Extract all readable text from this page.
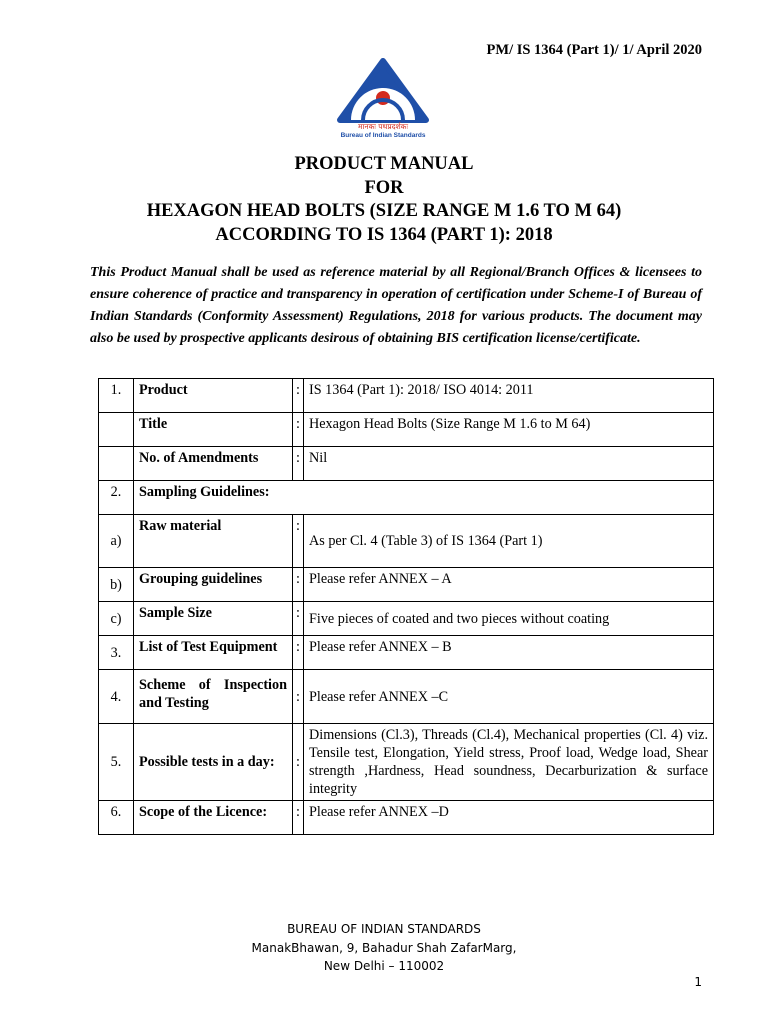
PM/ IS 1364 (Part 1)/ 1/ April 2020
मानकः पथप्रदर्शकः
Bureau of Indian Standards
PRODUCT MANUAL
FOR
HEXAGON HEAD BOLTS (SIZE RANGE M 1.6 TO M 64)
ACCORDING TO IS 1364 (PART 1): 2018
This Product Manual shall be used as reference material by all Regional/Branch Offices & licensees to ensure coherence of practice and transparency in operation of certification under Scheme-I of Bureau of Indian Standards (Conformity Assessment) Regulations, 2018 for various products. The document may also be used by prospective applicants desirous of obtaining BIS certification license/certificate.
1.	Product	:	IS 1364 (Part 1): 2018/ ISO 4014: 2011
	Title	:	Hexagon Head Bolts (Size Range M 1.6 to M 64)
	No. of Amendments	:	Nil
2.	Sampling Guidelines:		
a)	Raw material	:	As per Cl. 4 (Table 3) of IS 1364 (Part 1)
b)	Grouping guidelines	:	Please refer ANNEX – A
c)	Sample Size	:	Five pieces of coated and two pieces without coating
3.	List of Test Equipment	:	Please refer ANNEX – B
4.	Scheme of Inspection and Testing	:	Please refer ANNEX –C
5.	Possible tests in a day:	:	Dimensions (Cl.3), Threads (Cl.4), Mechanical properties (Cl. 4) viz. Tensile test, Elongation, Yield stress, Proof load, Wedge load, Shear strength ,Hardness, Head soundness, Decarburization & surface integrity
6.	Scope of the Licence:	:	Please refer ANNEX –D
BUREAU OF INDIAN STANDARDS
ManakBhawan, 9, Bahadur Shah ZafarMarg,
New Delhi – 110002
1
